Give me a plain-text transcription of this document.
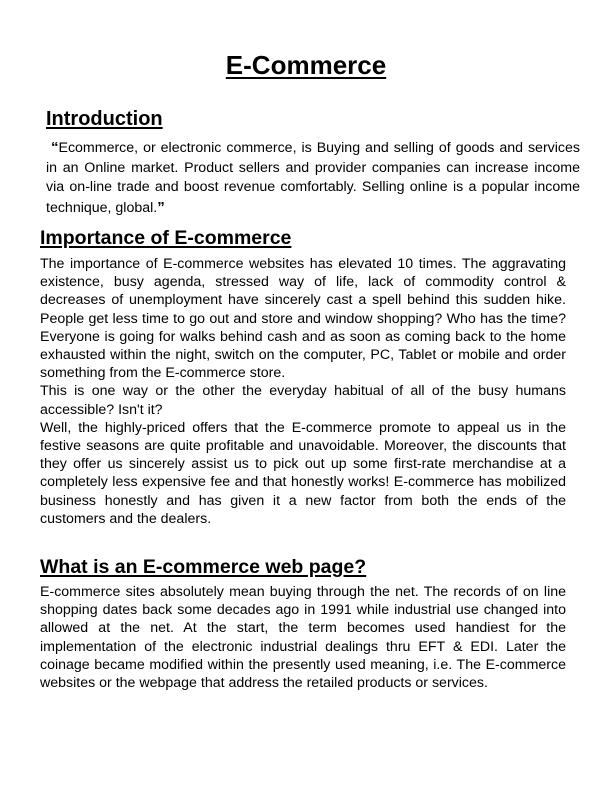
E-Commerce
Introduction
“Ecommerce, or electronic commerce, is Buying and selling of goods and services in an Online market. Product sellers and provider companies can increase income via on-line trade and boost revenue comfortably. Selling online is a popular income technique, global.”
Importance of E-commerce

The importance of E-commerce websites has elevated 10 times. The aggravating existence, busy agenda, stressed way of life, lack of commodity control & decreases of unemployment have sincerely cast a spell behind this sudden hike. People get less time to go out and store and window shopping? Who has the time? Everyone is going for walks behind cash and as soon as coming back to the home exhausted within the night, switch on the computer, PC, Tablet or mobile and order something from the E-commerce store.

This is one way or the other the everyday habitual of all of the busy humans accessible? Isn't it?

Well, the highly-priced offers that the E-commerce promote to appeal us in the festive seasons are quite profitable and unavoidable. Moreover, the discounts that they offer us sincerely assist us to pick out up some first-rate merchandise at a completely less expensive fee and that honestly works! E-commerce has mobilized business honestly and has given it a new factor from both the ends of the customers and the dealers.

What is an E-commerce web page?

E-commerce sites absolutely mean buying through the net. The records of on line shopping dates back some decades ago in 1991 while industrial use changed into allowed at the net. At the start, the term becomes used handiest for the implementation of the electronic industrial dealings thru EFT & EDI. Later the coinage became modified within the presently used meaning, i.e. The E-commerce websites or the webpage that address the retailed products or services.
